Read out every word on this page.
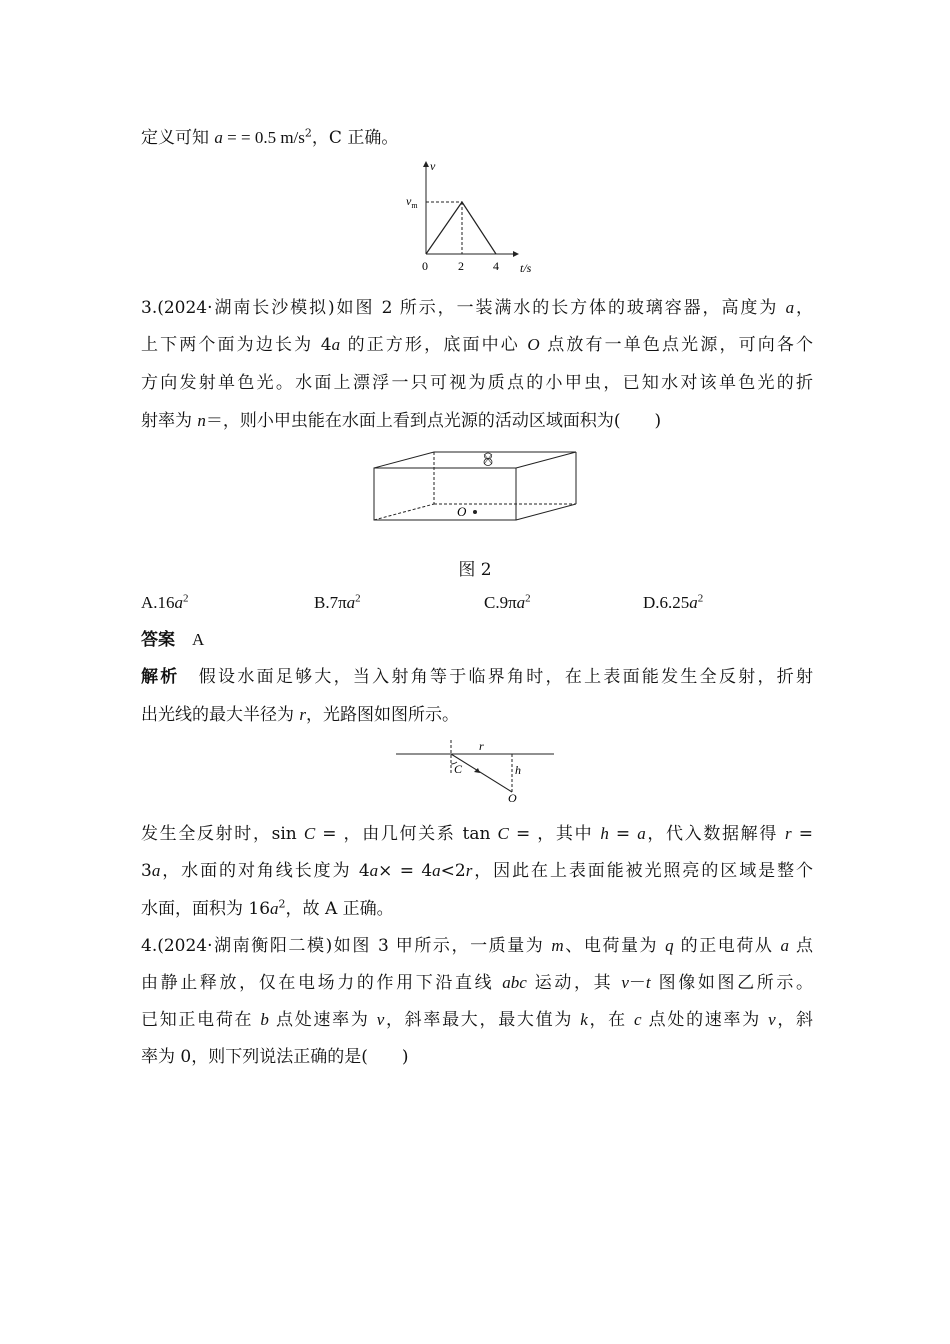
定义可知 a = = 0.5 $m/s^2$，C 正确。
v
$v_m$
0	2 4 t/s
3.(2024·湖南长沙模拟)如图 2 所示，一装满水的长方体的玻璃容器，高度为 a，
上下两个面为边长为 4a 的正方形，底面中心 O 点放有一单色点光源，可向各个
方向发射单色光。水面上漂浮一只可视为质点的小甲虫，已知水对该单色光的折
射率为 n＝，则小甲虫能在水面上看到点光源的活动区域面积为(　　)
O
图 2
$A.16a^2$	$B.7\pi a^2$	$C.9\pi a^2$	$D.6.25a^2$
答案　 A
解析　 假设水面足够大，当入射角等于临界角时，在上表面能发生全反射，折射
出光线的最大半径为 r，光路图如图所示。
r
C	h
O
发生全反射时，sin C = ，由几何关系 tan C = ，其中 h = a，代入数据解得 r =
3a，水面的对角线长度为 4a× = 4a<2r，因此在上表面能被光照亮的区域是整个
水面，面积为 $16a^2$，故 A 正确。
4.(2024·湖南衡阳二模)如图 3 甲所示，一质量为 m、电荷量为 q 的正电荷从 a 点
由静止释放，仅在电场力的作用下沿直线 abc 运动，其 v－t 图像如图乙所示。
已知正电荷在 b 点处速率为 v，斜率最大，最大值为 k，在 c 点处的速率为 v，斜
率为 0，则下列说法正确的是(　　)
